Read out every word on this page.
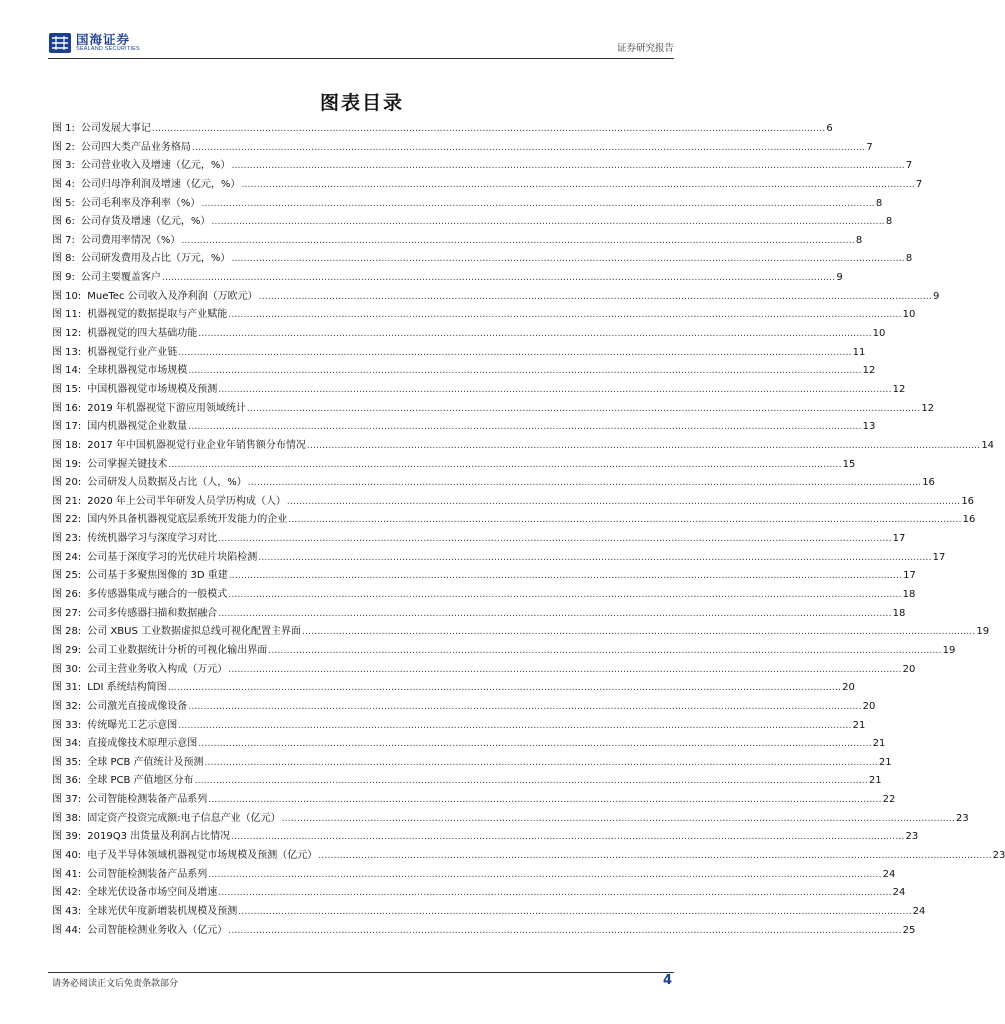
国海证券
SEALAND SECURITIES	证券研究报告
图表目录
图 1: 公司发展大事记 ............................................................................................................................................................................................................................ 6
图 2: 公司四大类产品业务格局 ............................................................................................................................................................................................................................ 7
图 3: 公司营业收入及增速（亿元，%） ............................................................................................................................................................................................................................ 7
图 4: 公司归母净利润及增速（亿元，%） ............................................................................................................................................................................................................................ 7
图 5: 公司毛利率及净利率（%） ............................................................................................................................................................................................................................ 8
图 6: 公司存货及增速（亿元，%） ............................................................................................................................................................................................................................ 8
图 7: 公司费用率情况（%） ............................................................................................................................................................................................................................ 8
图 8: 公司研发费用及占比（万元，%） ............................................................................................................................................................................................................................ 8
图 9: 公司主要覆盖客户 ............................................................................................................................................................................................................................ 9
图 10: MueTec 公司收入及净利润（万欧元） ............................................................................................................................................................................................................................ 9
图 11: 机器视觉的数据提取与产业赋能 ............................................................................................................................................................................................................................ 10
图 12: 机器视觉的四大基础功能 ............................................................................................................................................................................................................................ 10
图 13: 机器视觉行业产业链 ............................................................................................................................................................................................................................ 11
图 14: 全球机器视觉市场规模 ............................................................................................................................................................................................................................ 12
图 15: 中国机器视觉市场规模及预测 ............................................................................................................................................................................................................................ 12
图 16: 2019 年机器视觉下游应用领域统计 ............................................................................................................................................................................................................................ 12
图 17: 国内机器视觉企业数量 ............................................................................................................................................................................................................................ 13
图 18: 2017 年中国机器视觉行业企业年销售额分布情况 ............................................................................................................................................................................................................................ 14
图 19: 公司掌握关键技术 ............................................................................................................................................................................................................................ 15
图 20: 公司研发人员数据及占比（人，%） ............................................................................................................................................................................................................................ 16
图 21: 2020 年上公司半年研发人员学历构成（人） ............................................................................................................................................................................................................................ 16
图 22: 国内外具备机器视觉底层系统开发能力的企业 ............................................................................................................................................................................................................................ 16
图 23: 传统机器学习与深度学习对比 ............................................................................................................................................................................................................................ 17
图 24: 公司基于深度学习的光伏硅片块陷检测 ............................................................................................................................................................................................................................ 17
图 25: 公司基于多聚焦图像的 3D 重建 ............................................................................................................................................................................................................................ 17
图 26: 多传感器集成与融合的一般模式 ............................................................................................................................................................................................................................ 18
图 27: 公司多传感器扫描和数据融合 ............................................................................................................................................................................................................................ 18
图 28: 公司 XBUS 工业数据虚拟总线可视化配置主界面 ............................................................................................................................................................................................................................ 19
图 29: 公司工业数据统计分析的可视化输出界面 ............................................................................................................................................................................................................................ 19
图 30: 公司主营业务收入构成（万元） ............................................................................................................................................................................................................................ 20
图 31: LDI 系统结构简图 ............................................................................................................................................................................................................................ 20
图 32: 公司激光直接成像设备 ............................................................................................................................................................................................................................ 20
图 33: 传统曝光工艺示意图 ............................................................................................................................................................................................................................ 21
图 34: 直接成像技术原理示意图 ............................................................................................................................................................................................................................ 21
图 35: 全球 PCB 产值统计及预测 ............................................................................................................................................................................................................................ 21
图 36: 全球 PCB 产值地区分布 ............................................................................................................................................................................................................................ 21
图 37: 公司智能检测装备产品系列 ............................................................................................................................................................................................................................ 22
图 38: 固定资产投资完成额:电子信息产业（亿元） ............................................................................................................................................................................................................................ 23
图 39: 2019Q3 出货量及利润占比情况 ............................................................................................................................................................................................................................ 23
图 40: 电子及半导体领域机器视觉市场规模及预测（亿元） ............................................................................................................................................................................................................................ 23
图 41: 公司智能检测装备产品系列 ............................................................................................................................................................................................................................ 24
图 42: 全球光伏设备市场空间及增速 ............................................................................................................................................................................................................................ 24
图 43: 全球光伏年度新增装机规模及预测 ............................................................................................................................................................................................................................ 24
图 44: 公司智能检测业务收入（亿元） ............................................................................................................................................................................................................................ 25
请务必阅读正文后免责条款部分	4
